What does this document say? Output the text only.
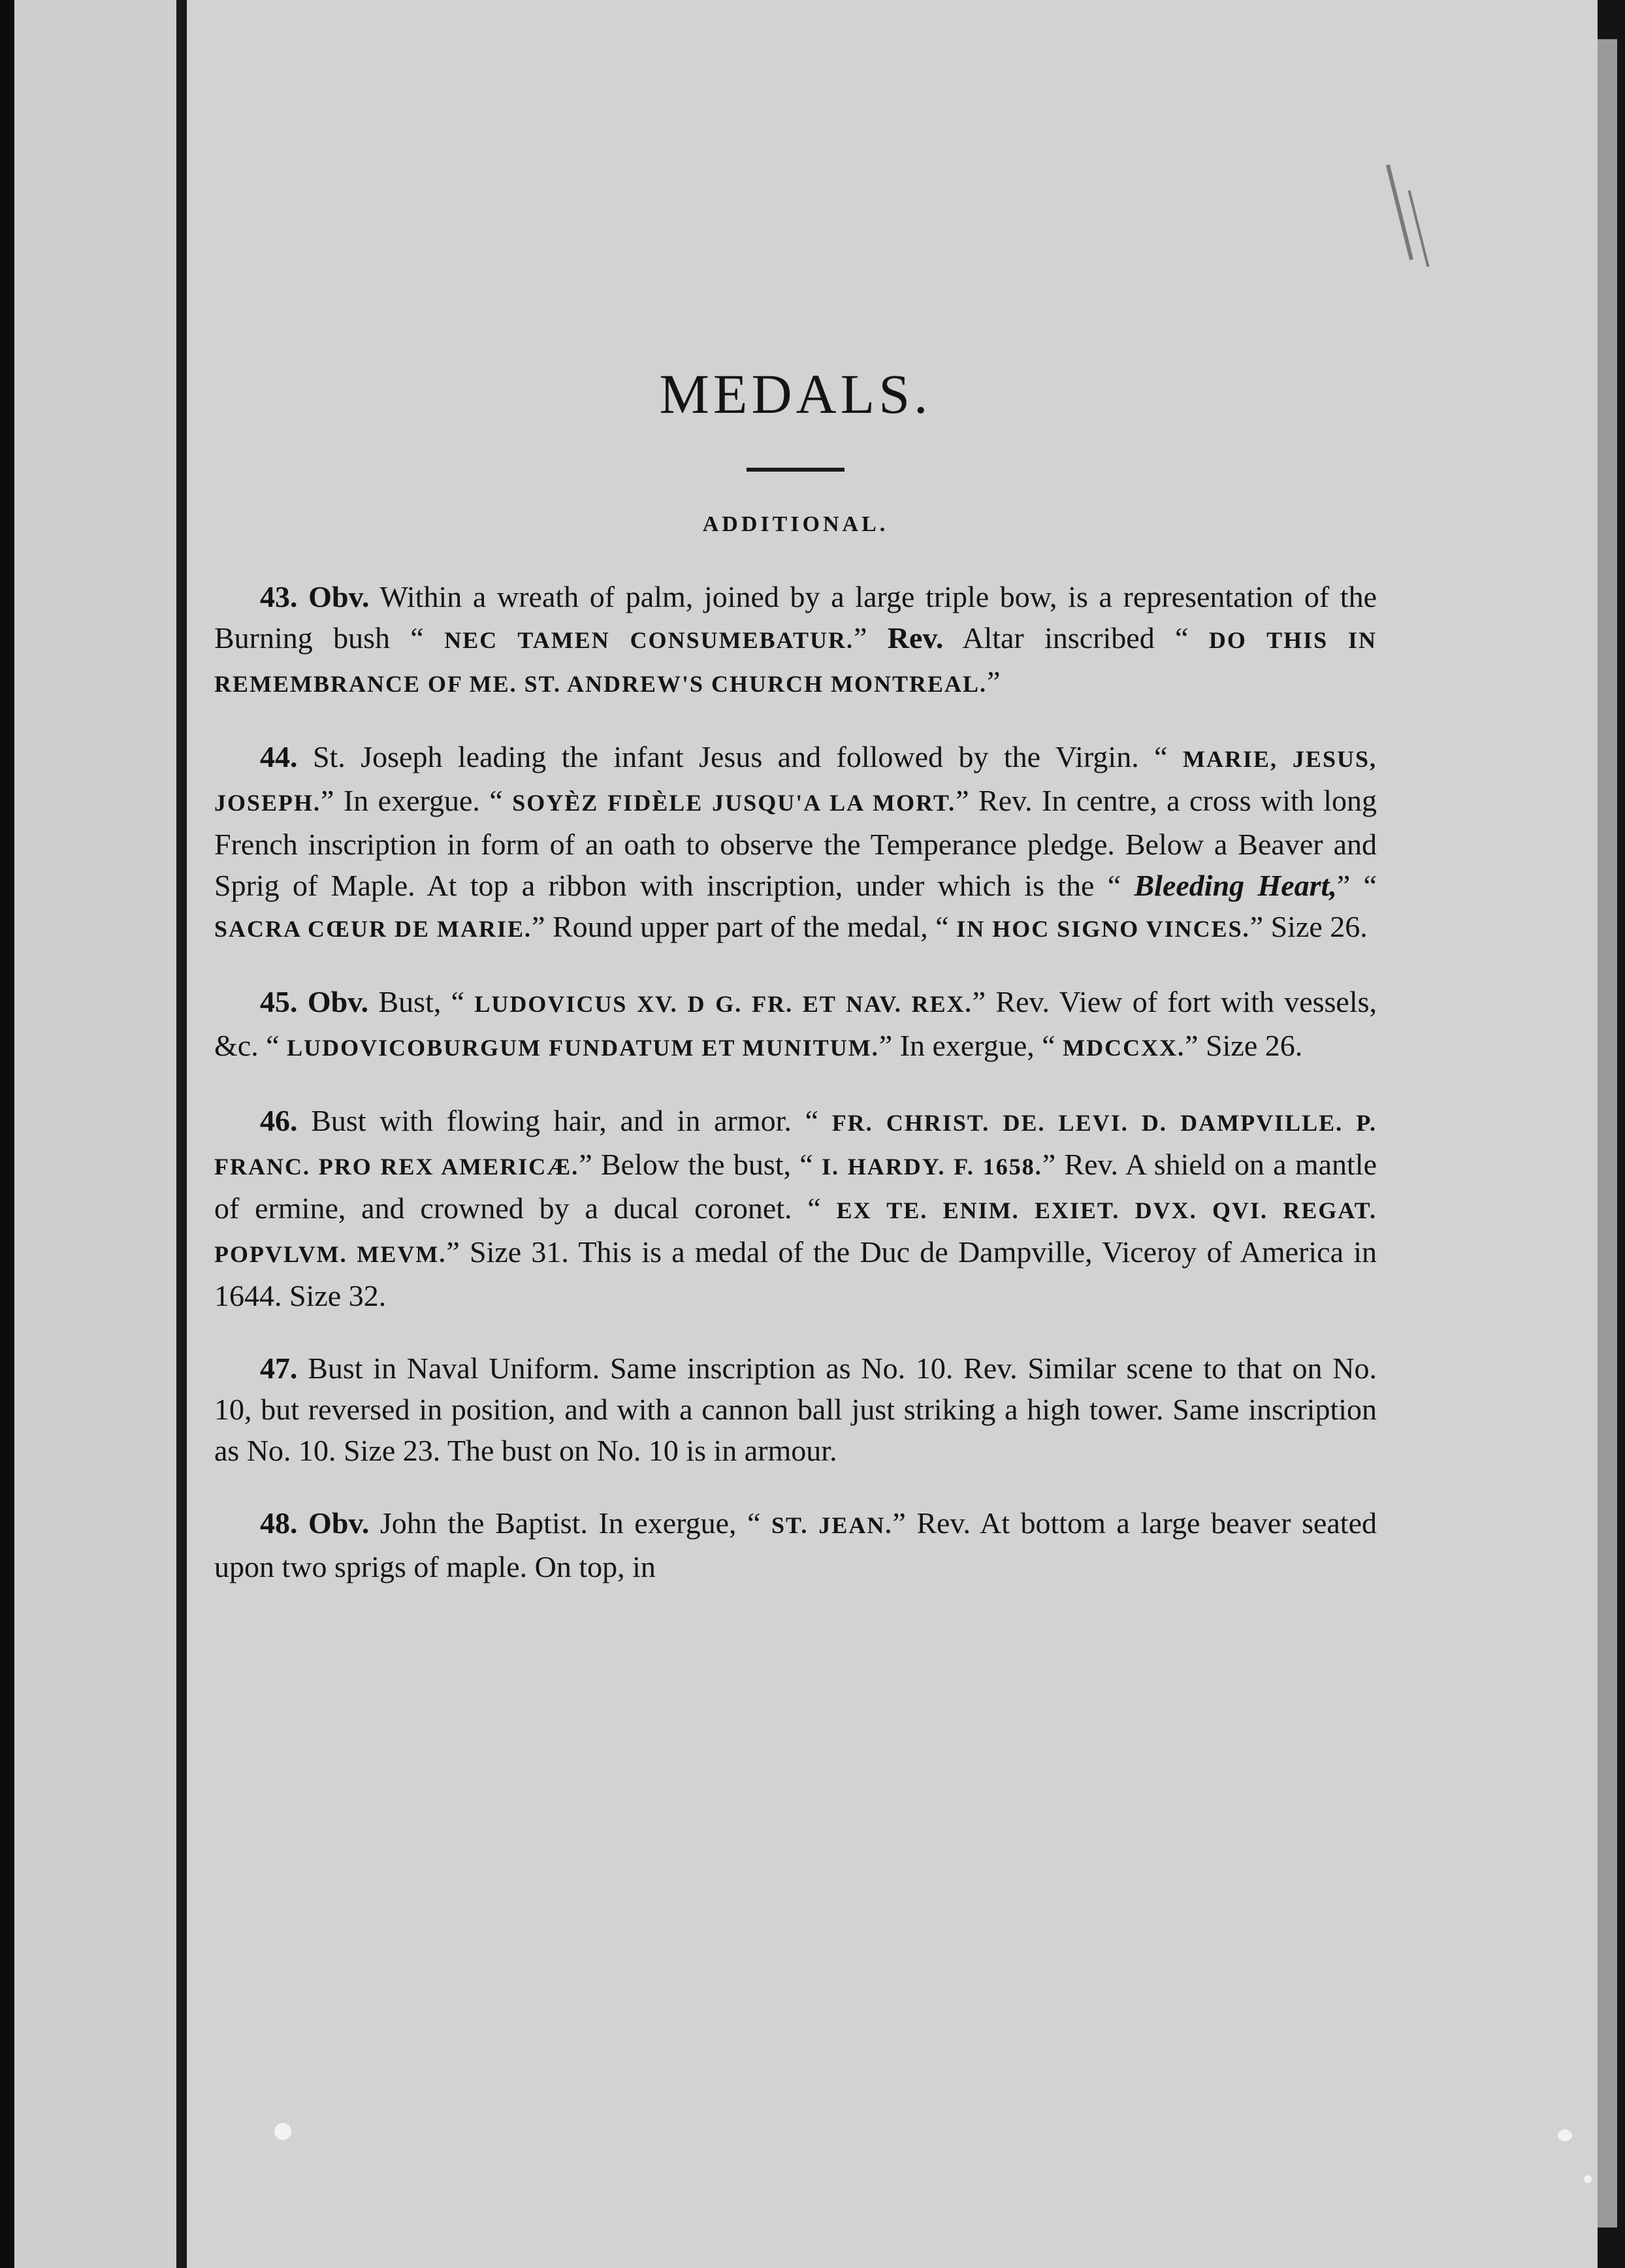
MEDALS.
ADDITIONAL.

43. Obv. Within a wreath of palm, joined by a large triple bow, is a representation of the Burning bush “ NEC TAMEN CONSUMEBATUR.” Rev. Altar inscribed “ DO THIS IN REMEMBRANCE OF ME. ST. ANDREW'S CHURCH MONTREAL.”

44. St. Joseph leading the infant Jesus and followed by the Virgin. “ MARIE, JESUS, JOSEPH.” In exergue. “ SOYÈZ FIDÈLE JUSQU'A LA MORT.” Rev. In centre, a cross with long French inscription in form of an oath to observe the Temperance pledge. Below a Beaver and Sprig of Maple. At top a ribbon with inscription, under which is the “ Bleeding Heart,” “ SACRA CŒUR DE MARIE.” Round upper part of the medal, “ IN HOC SIGNO VINCES.” Size 26.

45. Obv. Bust, “ LUDOVICUS XV. D G. FR. ET NAV. REX.” Rev. View of fort with vessels, &c. “ LUDOVICOBURGUM FUNDATUM ET MUNITUM.” In exergue, “ MDCCXX.” Size 26.

46. Bust with flowing hair, and in armor. “ FR. CHRIST. DE. LEVI. D. DAMPVILLE. P. FRANC. PRO REX AMERICÆ.” Below the bust, “ I. HARDY. F. 1658.” Rev. A shield on a mantle of ermine, and crowned by a ducal coronet. “ EX TE. ENIM. EXIET. DVX. QVI. REGAT. POPVLVM. MEVM.” Size 31. This is a medal of the Duc de Dampville, Viceroy of America in 1644. Size 32.

47. Bust in Naval Uniform. Same inscription as No. 10. Rev. Similar scene to that on No. 10, but reversed in position, and with a cannon ball just striking a high tower. Same inscription as No. 10. Size 23. The bust on No. 10 is in armour.

48. Obv. John the Baptist. In exergue, “ ST. JEAN.” Rev. At bottom a large beaver seated upon two sprigs of maple. On top, in
